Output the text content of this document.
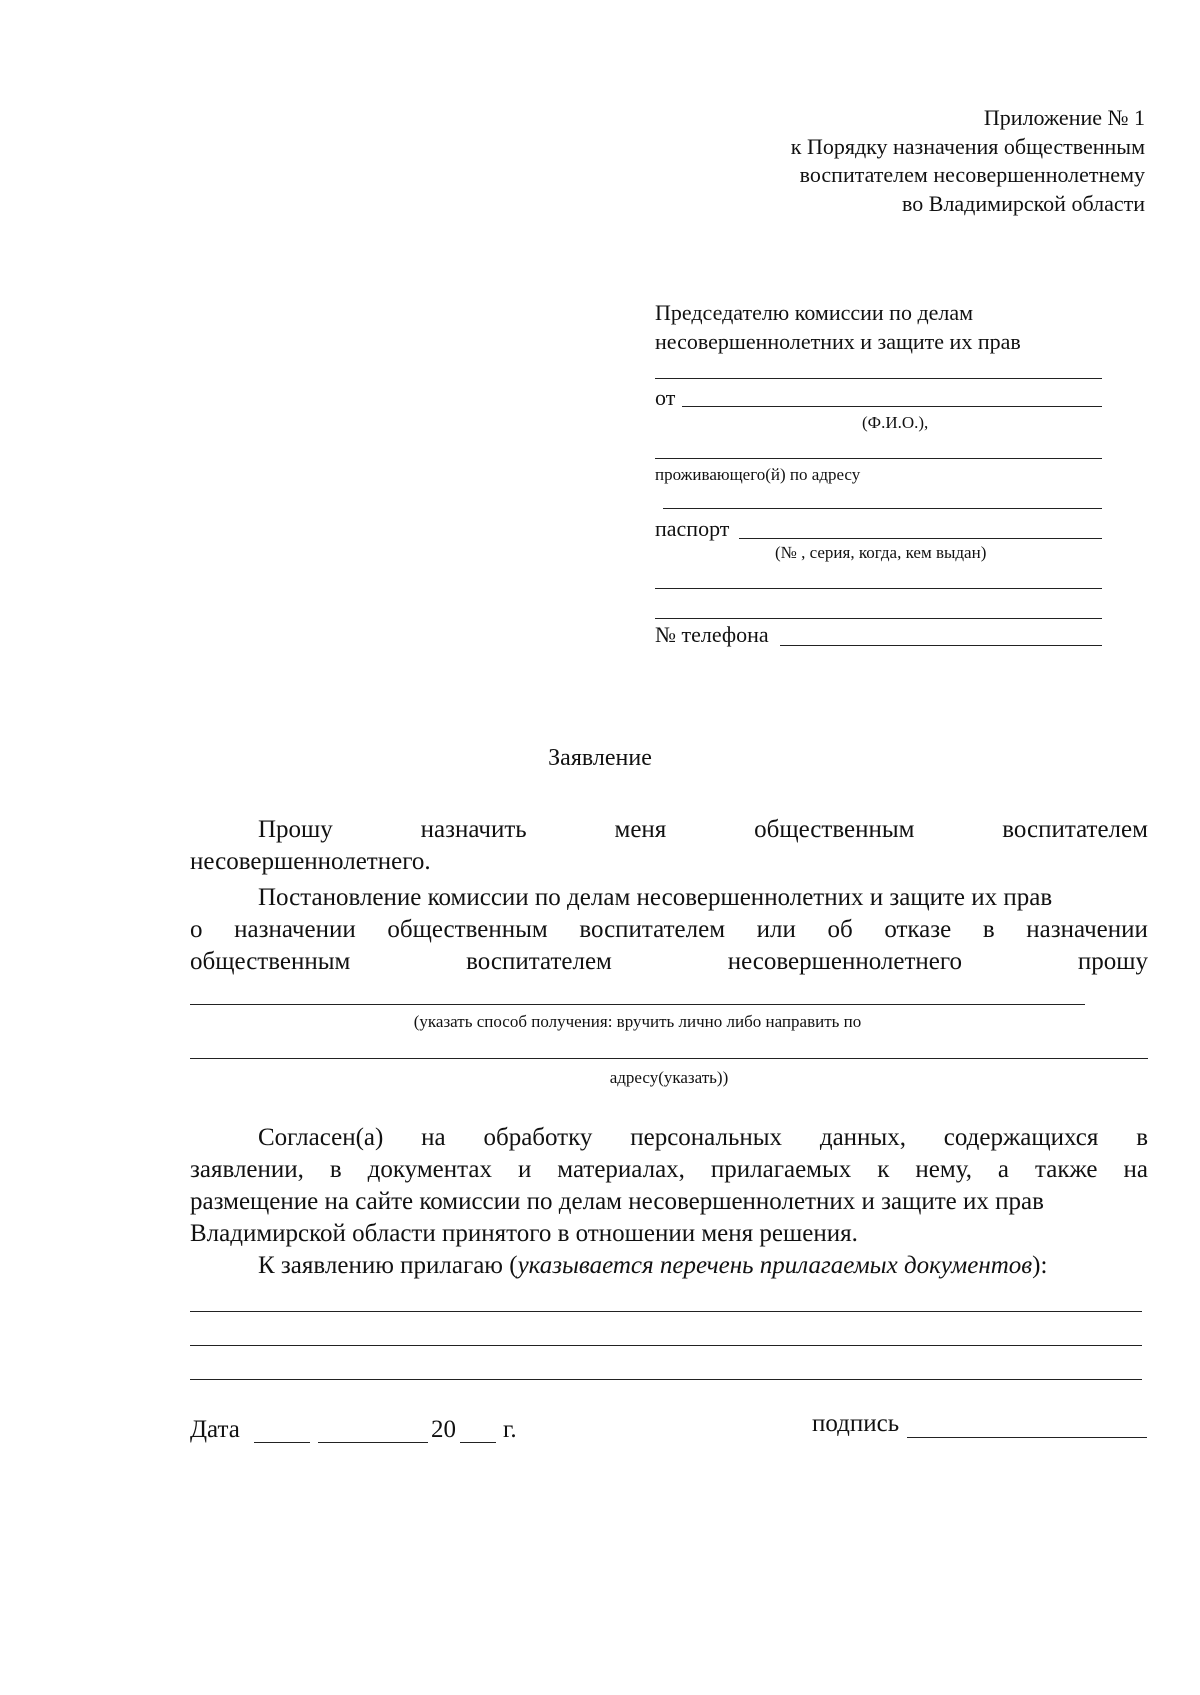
Приложение № 1
к Порядку назначения общественным
воспитателем несовершеннолетнему
во Владимирской области
Председателю комиссии по делам
несовершеннолетних и защите их прав
от
(Ф.И.О.),
проживающего(й) по адресу
паспорт
(№ , серия, когда, кем выдан)
№ телефона
Заявление
Прошу	назначить	меня	общественным	воспитателем
несовершеннолетнего.
Постановление комиссии по делам несовершеннолетних и защите их прав
о назначении общественным воспитателем или об отказе в назначении
общественным	воспитателем	несовершеннолетнего	прошу
(указать способ получения: вручить лично либо направить по
адресу(указать))
Согласен(а) на обработку персональных данных, содержащихся в
заявлении, в документах и материалах, прилагаемых к нему, а также на
размещение на сайте комиссии по делам несовершеннолетних и защите их прав
Владимирской области принятого в отношении меня решения.
К заявлению прилагаю (указывается перечень прилагаемых документов):
Дата	20 г.	подпись
